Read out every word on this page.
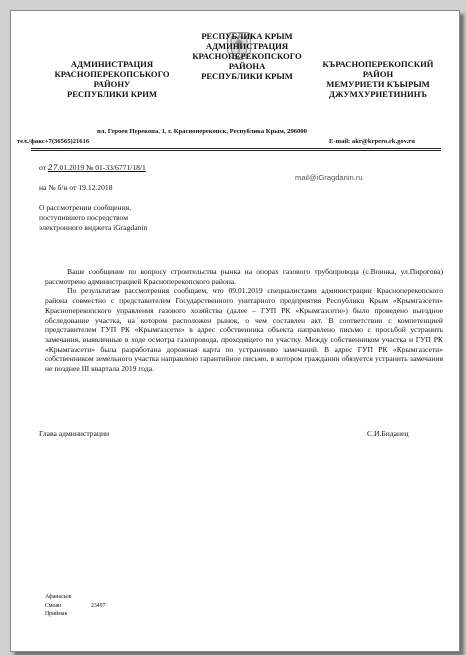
АДМИНИСТРАЦИЯ
КРАСНОПЕРЕКОПСЬКОГО
РАЙОНУ
РЕСПУБЛИКИ КРИМ
РЕСПУБЛИКА КРЫМ
АДМИНИСТРАЦИЯ
КРАСНОПЕРЕКОПСКОГО
РАЙОНА
РЕСПУБЛИКИ КРЫМ
КЪРАСНОПЕРЕКОПСКИЙ
РАЙОН
МЕМУРИЕТИ КЪЫРЫМ
ДЖУМХУРИЕТИНИНЪ
пл. Героев Перекопа, 1, г. Красноперекопск, Республика Крым, 296000
тел./факс+7(36565)21616	E-mail: akr@krpero.rk.gov.ru
от 27.01.2019 № 01-33/6771/18/1
на № б/н от 19.12.2018
mail@iGragdanin.ru
О рассмотрении сообщения,
поступившего посредством
электронного виджета iGragdanin

Ваше сообщение по вопросу строительства рынка на опорах газового трубопровода (с.Воинка, ул.Пирогова) рассмотрено администрацией Красноперекопского района.

По результатам рассмотрения сообщаем, что 09.01.2019 специалистами администрации Красноперекопского района совместно с представителем Государственного унитарного предприятия Республики Крым «Крымгазсети» Красноперекопского управления газового хозяйства (далее – ГУП РК «Крымгазсети») было проведено выездное обследование участка, на котором расположен рынок, о чем составлен акт. В соответствии с компетенцией представителем ГУП РК «Крымгазсети» в адрес собственника объекта направлено письмо с просьбой устранить замечания, выявленные в ходе осмотра газопровода, проходящего по участку. Между собственником участка и ГУП РК «Крымгазсети» была разработана дорожная карта по устранению замечаний. В адрес ГУП РК «Крымгазсети» собственником земельного участка направлено гарантийное письмо, в котором гражданин обязуется устранить замечания не позднее III квартала 2019 года.

Глава администрации	С.И.Биданец
Афанасьев
Смоян	23497
Приймак
